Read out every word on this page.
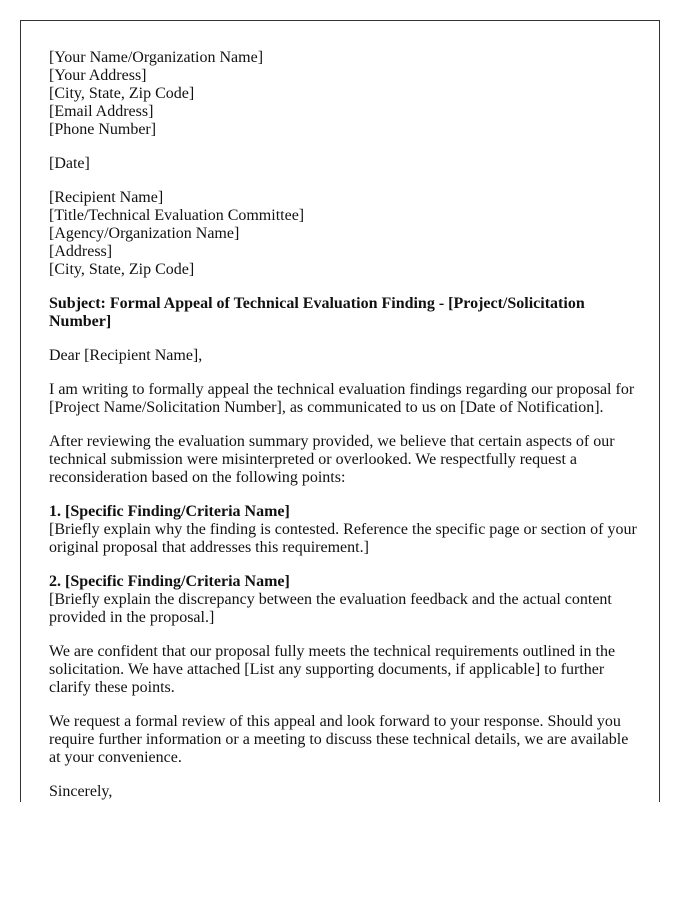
[Your Name/Organization Name]
[Your Address]
[City, State, Zip Code]
[Email Address]
[Phone Number]
[Date]
[Recipient Name]
[Title/Technical Evaluation Committee]
[Agency/Organization Name]
[Address]
[City, State, Zip Code]

Subject: Formal Appeal of Technical Evaluation Finding - [Project/Solicitation Number]

Dear [Recipient Name],

I am writing to formally appeal the technical evaluation findings regarding our proposal for [Project Name/Solicitation Number], as communicated to us on [Date of Notification].

After reviewing the evaluation summary provided, we believe that certain aspects of our technical submission were misinterpreted or overlooked. We respectfully request a reconsideration based on the following points:

1. [Specific Finding/Criteria Name]
[Briefly explain why the finding is contested. Reference the specific page or section of your original proposal that addresses this requirement.]
2. [Specific Finding/Criteria Name]
[Briefly explain the discrepancy between the evaluation feedback and the actual content provided in the proposal.]

We are confident that our proposal fully meets the technical requirements outlined in the solicitation. We have attached [List any supporting documents, if applicable] to further clarify these points.

We request a formal review of this appeal and look forward to your response. Should you require further information or a meeting to discuss these technical details, we are available at your convenience.

Sincerely,
